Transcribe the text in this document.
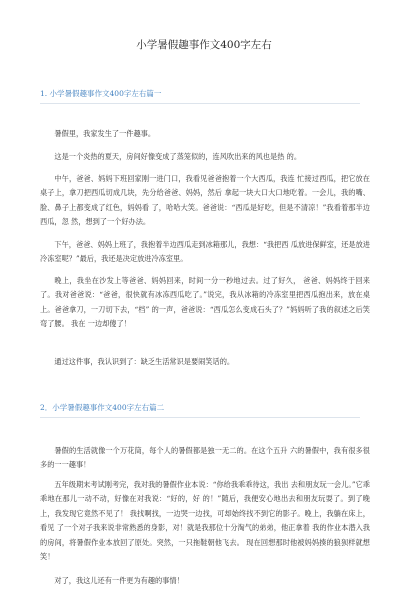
小学暑假趣事作文400字左右
1. 小学暑假趣事作文400字左右篇一

暑假里，我家发生了一件趣事。

这是一个炎热的夏天，房间好像变成了蒸笼似的，连风吹出来的风也是热 的。

中午，爸爸、妈妈下班回家刚一进门口，我看见爸爸抱着一个大西瓜，我连 忙接过西瓜，把它放在桌子上，拿刀把西瓜切成几块，先分给爸爸、妈妈，然后 拿起一块大口大口地吃着。一会儿，我的嘴、脸、鼻子上都变成了红色，妈妈看 了，哈哈大笑。爸爸说：“西瓜是好吃，但是不清凉！”我看着那半边西瓜，忽 然，想到了一个好办法。

下午，爸爸、妈妈上班了，我抱着半边西瓜走到冰箱那儿，我想：“我把西 瓜放进保鲜室，还是放进冷冻室呢？”最后，我还是决定放进冷冻室里。

晚上，我坐在沙发上等爸爸、妈妈回来，时间一分一秒地过去。过了好久， 爸爸、妈妈终于回来了。我对爸爸说：“爸爸，很快就有冰冻西瓜吃了。”说完，我从冰箱的冷冻室里把西瓜抱出来，放在桌上。爸爸拿刀，一刀切下去，“档” 的一声，爸爸说：“西瓜怎么变成石头了？”妈妈听了我的叙述之后笑弯了腰。 我在 一边却傻了！

通过这件事，我认识到了：缺乏生活常识是要闹笑话的。

2．小学暑假趣事作文400字左右篇二

暑假的生活就像一个万花筒，每个人的暑假都是独一无二的。在这个五升 六的暑假中，我有很多很多的一一趣事！

五年级期末考试刚考完，我对我的暑假作业本说：“你给我乖乖待这，我出 去和朋友玩一会儿。”它乖乖地在那儿一动不动，好像在对我说：“好的，好 的！”随后，我便安心地出去和朋友玩耍了。到了晚上，我发现它竟然不见了！ 我找啊找，一边哭一边找，可却始终找不到它的影子。晚上，我躺在床上，看见 了一个对子我来说非常熟悉的身影，对！就是我那位十分淘气的弟弟，他正拿着 我的作业本潜入我的房间，将暑假作业本放回了原处。突然，一只拖鞋朝他飞去。 现在回想那时他被妈妈揍的狼狈样就想笑！

对了，我这儿还有一件更为有趣的事情！
